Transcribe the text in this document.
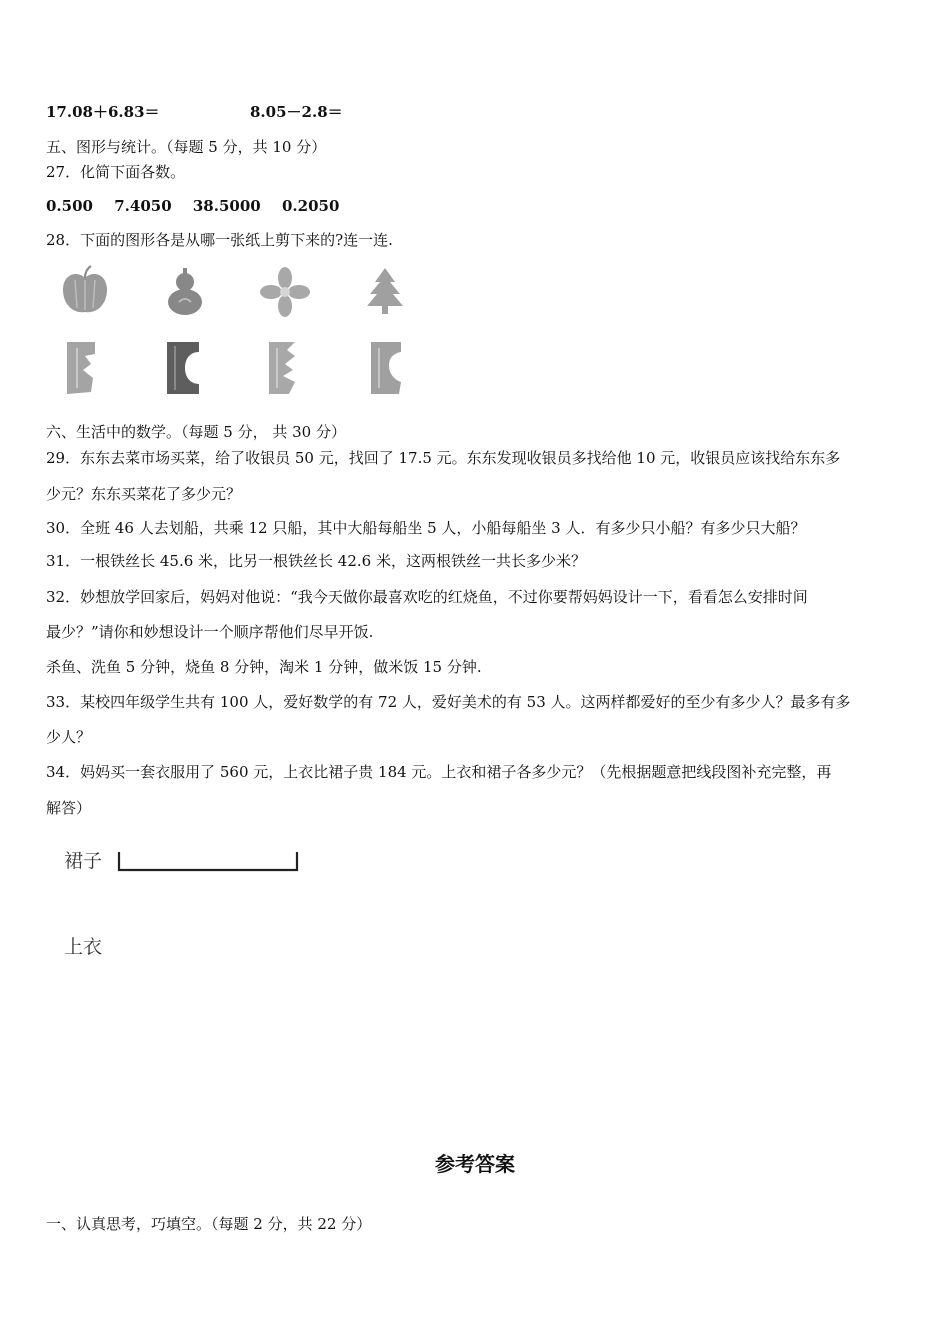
17.08＋6.83＝	8.05－2.8＝
五、图形与统计。（每题 5 分，共 10 分）
27．化简下面各数。
0.500 7.4050 38.5000 0.2050
28．下面的图形各是从哪一张纸上剪下来的?连一连.
六、生活中的数学。（每题 5 分， 共 30 分）
29．东东去菜市场买菜，给了收银员 50 元，找回了 17.5 元。东东发现收银员多找给他 10 元，收银员应该找给东东多
少元？东东买菜花了多少元？
30．全班 46 人去划船，共乘 12 只船，其中大船每船坐 5 人，小船每船坐 3 人．有多少只小船？有多少只大船？
31．一根铁丝长 45.6 米，比另一根铁丝长 42.6 米，这两根铁丝一共长多少米？
32．妙想放学回家后，妈妈对他说：“我今天做你最喜欢吃的红烧鱼，不过你要帮妈妈设计一下，看看怎么安排时间
最少？”请你和妙想设计一个顺序帮他们尽早开饭.
杀鱼、洗鱼 5 分钟，烧鱼 8 分钟，淘米 1 分钟，做米饭 15 分钟.
33．某校四年级学生共有 100 人，爱好数学的有 72 人，爱好美术的有 53 人。这两样都爱好的至少有多少人？最多有多
少人？
34．妈妈买一套衣服用了 560 元，上衣比裙子贵 184 元。上衣和裙子各多少元？（先根据题意把线段图补充完整，再
解答）
裙子
上衣
参考答案
一、认真思考，巧填空。（每题 2 分，共 22 分）
